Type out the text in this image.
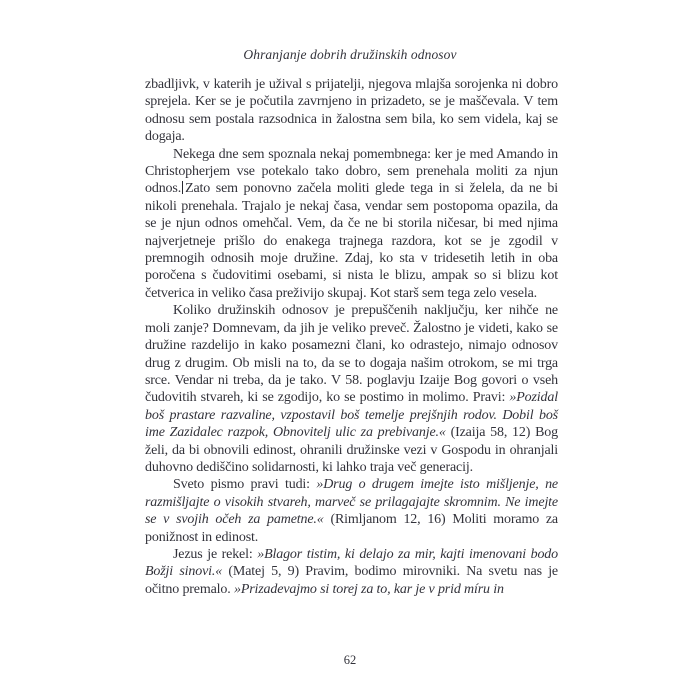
Ohranjanje dobrih družinskih odnosov

zbadljivk, v katerih je užival s prijatelji, njegova mlajša sorojenka ni dobro sprejela. Ker se je počutila zavrnjeno in prizadeto, se je maščevala. V tem odnosu sem postala razsodnica in žalostna sem bila, ko sem videla, kaj se dogaja.

Nekega dne sem spoznala nekaj pomembnega: ker je med Amando in Christopherjem vse potekalo tako dobro, sem prenehala moliti za njun odnos. Zato sem ponovno začela moliti glede tega in si želela, da ne bi nikoli prenehala. Trajalo je nekaj časa, vendar sem postopoma opazila, da se je njun odnos omehčal. Vem, da če ne bi storila ničesar, bi med njima najverjetneje prišlo do enakega trajnega razdora, kot se je zgodil v premnogih odnosih moje družine. Zdaj, ko sta v tridesetih letih in oba poročena s čudovitimi osebami, si nista le blizu, ampak so si blizu kot četverica in veliko časa preživijo skupaj. Kot starš sem tega zelo vesela.

Koliko družinskih odnosov je prepuščenih naključju, ker nihče ne moli zanje? Domnevam, da jih je veliko preveč. Žalostno je videti, kako se družine razdelijo in kako posamezni člani, ko odrastejo, nimajo odnosov drug z drugim. Ob misli na to, da se to dogaja našim otrokom, se mi trga srce. Vendar ni treba, da je tako. V 58. poglavju Izaije Bog govori o vseh čudovitih stvareh, ki se zgodijo, ko se postimo in molimo. Pravi: »Pozidal boš prastare razvaline, vzpostavil boš temelje prejšnjih rodov. Dobil boš ime Zazidalec razpok, Obnovitelj ulic za prebivanje.« (Izaija 58, 12) Bog želi, da bi obnovili edinost, ohranili družinske vezi v Gospodu in ohranjali duhovno dediščino solidarnosti, ki lahko traja več generacij.

Sveto pismo pravi tudi: »Drug o drugem imejte isto mišljenje, ne razmišljajte o visokih stvareh, marveč se prilagajajte skromnim. Ne imejte se v svojih očeh za pametne.« (Rimljanom 12, 16) Moliti moramo za ponižnost in edinost.

Jezus je rekel: »Blagor tistim, ki delajo za mir, kajti imenovani bodo Božji sinovi.« (Matej 5, 9) Pravim, bodimo mirovniki. Na svetu nas je očitno premalo. »Prizadevajmo si torej za to, kar je v prid míru in

62
